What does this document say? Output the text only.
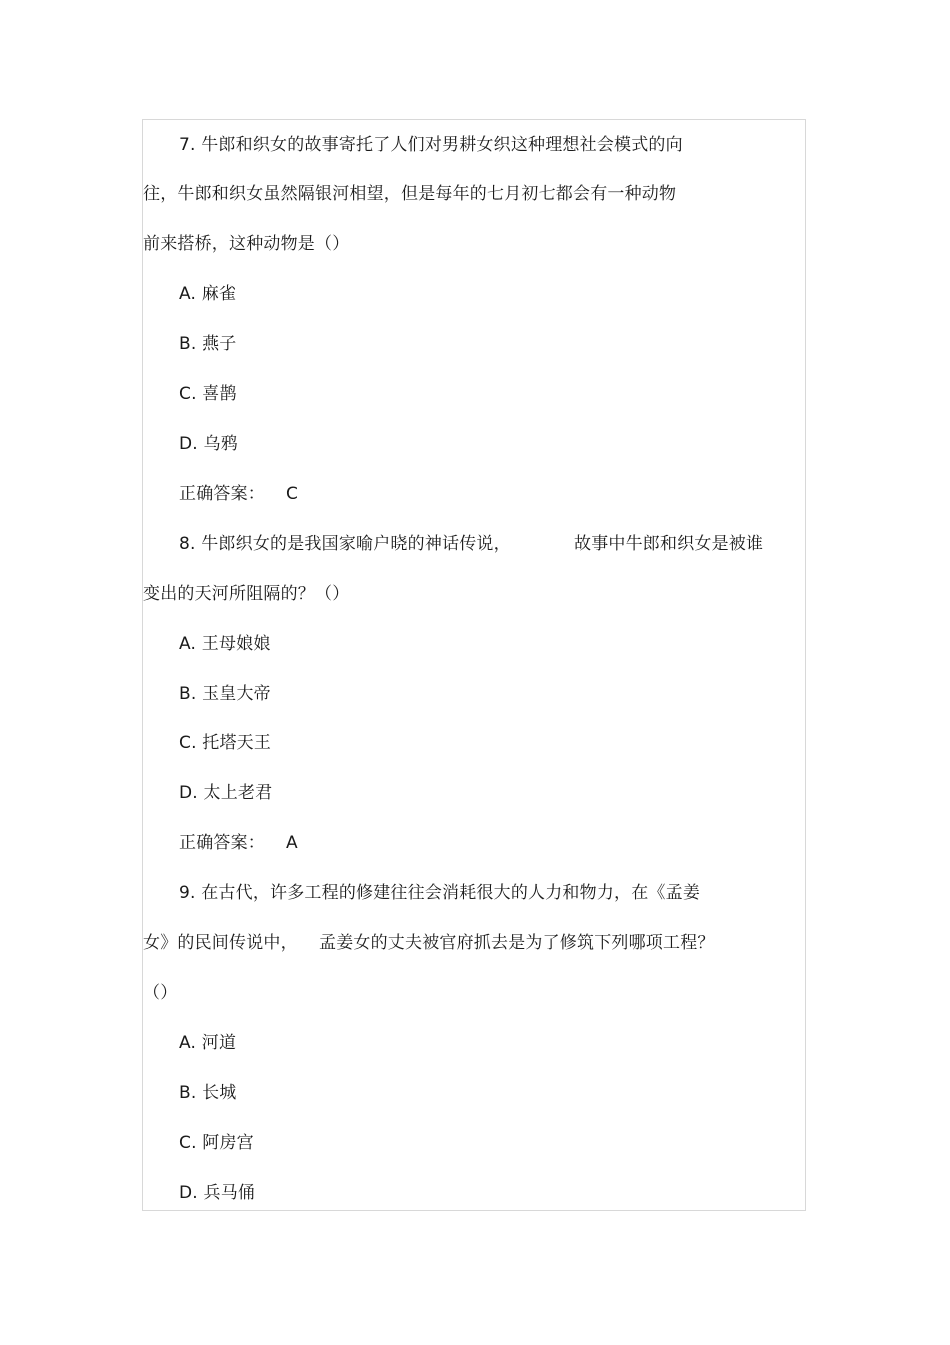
7. 牛郎和织女的故事寄托了人们对男耕女织这种理想社会模式的向
往，牛郎和织女虽然隔银河相望，但是每年的七月初七都会有一种动物
前来搭桥，这种动物是（）
A. 麻雀
B. 燕子
C. 喜鹊
D. 乌鸦
正确答案： C
8. 牛郎织女的是我国家喻户晓的神话传说，	故事中牛郎和织女是被谁
变出的天河所阻隔的？（）
A. 王母娘娘
B. 玉皇大帝
C. 托塔天王
D. 太上老君
正确答案： A
9. 在古代，许多工程的修建往往会消耗很大的人力和物力，在《孟姜
女》的民间传说中， 孟姜女的丈夫被官府抓去是为了修筑下列哪项工程？
（）
A. 河道
B. 长城
C. 阿房宫
D. 兵马俑
